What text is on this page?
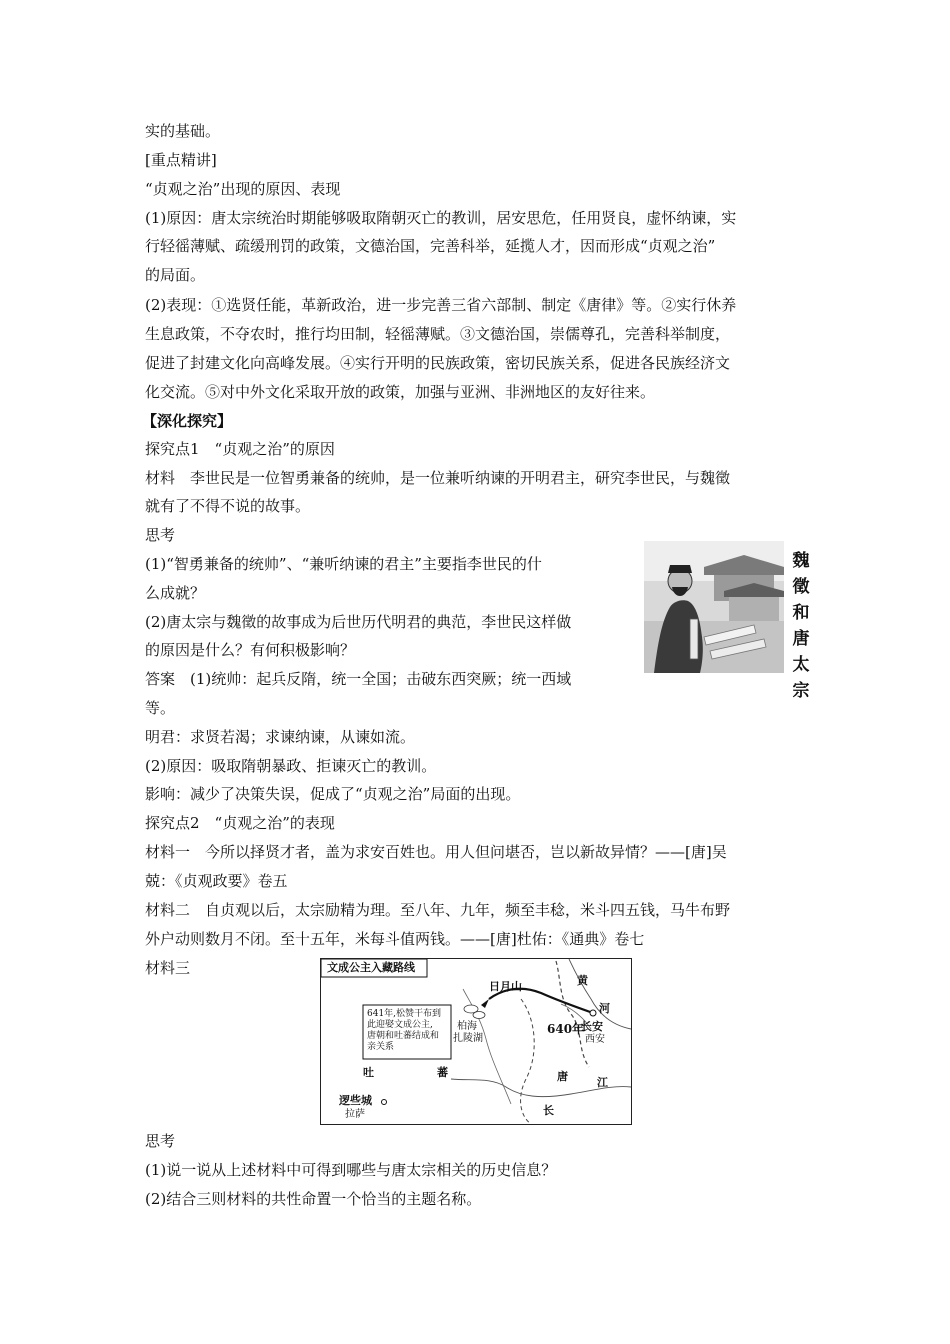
实的基础。
[重点精讲]
“贞观之治”出现的原因、表现
(1)原因：唐太宗统治时期能够吸取隋朝灭亡的教训，居安思危，任用贤良，虚怀纳谏，实
行轻徭薄赋、疏缓刑罚的政策，文德治国，完善科举，延揽人才，因而形成“贞观之治”
的局面。
(2)表现：①选贤任能，革新政治，进一步完善三省六部制、制定《唐律》等。②实行休养
生息政策，不夺农时，推行均田制，轻徭薄赋。③文德治国，崇儒尊孔，完善科举制度，
促进了封建文化向高峰发展。④实行开明的民族政策，密切民族关系，促进各民族经济文
化交流。⑤对中外文化采取开放的政策，加强与亚洲、非洲地区的友好往来。
【深化探究】
探究点1　“贞观之治”的原因
材料　李世民是一位智勇兼备的统帅，是一位兼听纳谏的开明君主，研究李世民，与魏徵
就有了不得不说的故事。
思考
(1)“智勇兼备的统帅”、“兼听纳谏的君主”主要指李世民的什
么成就？
(2)唐太宗与魏徵的故事成为后世历代明君的典范，李世民这样做
的原因是什么？有何积极影响？
答案　(1)统帅：起兵反隋，统一全国；击破东西突厥；统一西域
等。
明君：求贤若渴；求谏纳谏，从谏如流。
(2)原因：吸取隋朝暴政、拒谏灭亡的教训。
影响：减少了决策失误，促成了“贞观之治”局面的出现。
探究点2　“贞观之治”的表现
材料一　今所以择贤才者，盖为求安百姓也。用人但问堪否，岂以新故异情？——[唐]吴
兢：《贞观政要》卷五
材料二　自贞观以后，太宗励精为理。至八年、九年，频至丰稔，米斗四五钱，马牛布野
外户动则数月不闭。至十五年，米每斗值两钱。——[唐]杜佑：《通典》卷七
材料三
思考
(1)说一说从上述材料中可得到哪些与唐太宗相关的历史信息？
(2)结合三则材料的共性命置一个恰当的主题名称。
魏
徵
和
唐
太
宗
文成公主入藏路线
641年,松赞干布到
此迎娶文成公主,
唐朝和吐蕃结成和
亲关系
日月山
柏海
扎陵湖
640年
长安
西安
吐	蕃	唐
黄
河
江
长
逻些城
拉萨
